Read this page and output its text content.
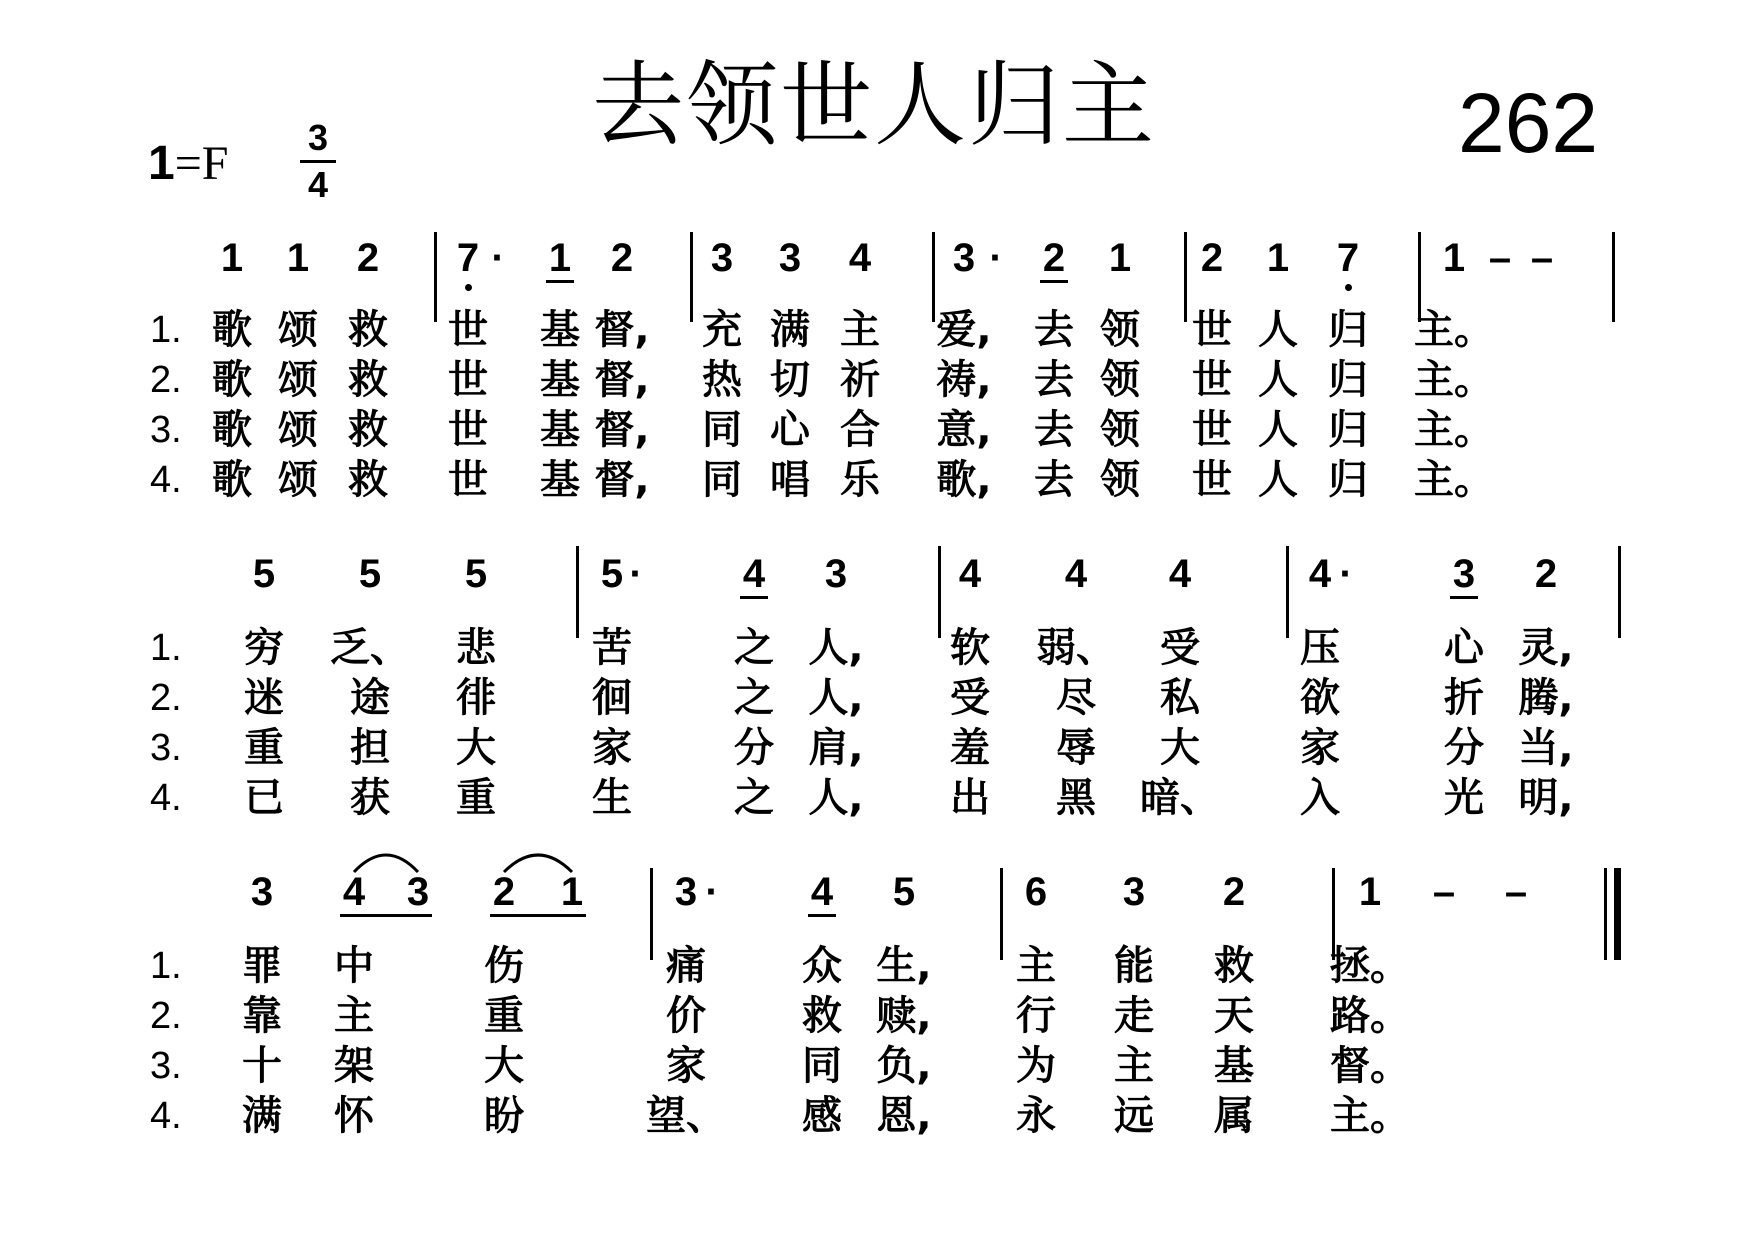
去领世人归主	262
1=F	3
4
1 1 2 7 · 1 2 3 3 4 3 · 2 1 2 1 7 1 – –
1. 歌 颂 救 世 基 督, 充 满 主 爱, 去 领 世 人 归 主。
2. 歌 颂 救 世 基 督, 热 切 祈 祷, 去 领 世 人 归 主。
3. 歌 颂 救 世 基 督, 同 心 合 意, 去 领 世 人 归 主。
4. 歌 颂 救 世 基 督, 同 唱 乐 歌, 去 领 世 人 归 主。
5 5 5	5 ·	4 3	4 4 4	4 ·	3 2
1. 穷 乏、 悲 苦	之 人, 软 弱、 受	压	心 灵,
2. 迷 途 徘 徊	之 人, 受 尽 私	欲	折 腾,
3. 重 担 大 家	分 肩, 羞 辱 大	家	分 当,
4. 已 获 重 生	之 人, 出 黑 暗、 入	光 明,
3 4 3 2 1 3 · 4 5	6 3 2	1 – –
1. 罪 中	伤	痛 众 生, 主 能 救 拯。
2. 靠 主	重	价 救 赎, 行 走 天 路。
3. 十 架	大	家 同 负, 为 主 基 督。
4. 满 怀	盼	望、 感 恩, 永 远 属 主。
